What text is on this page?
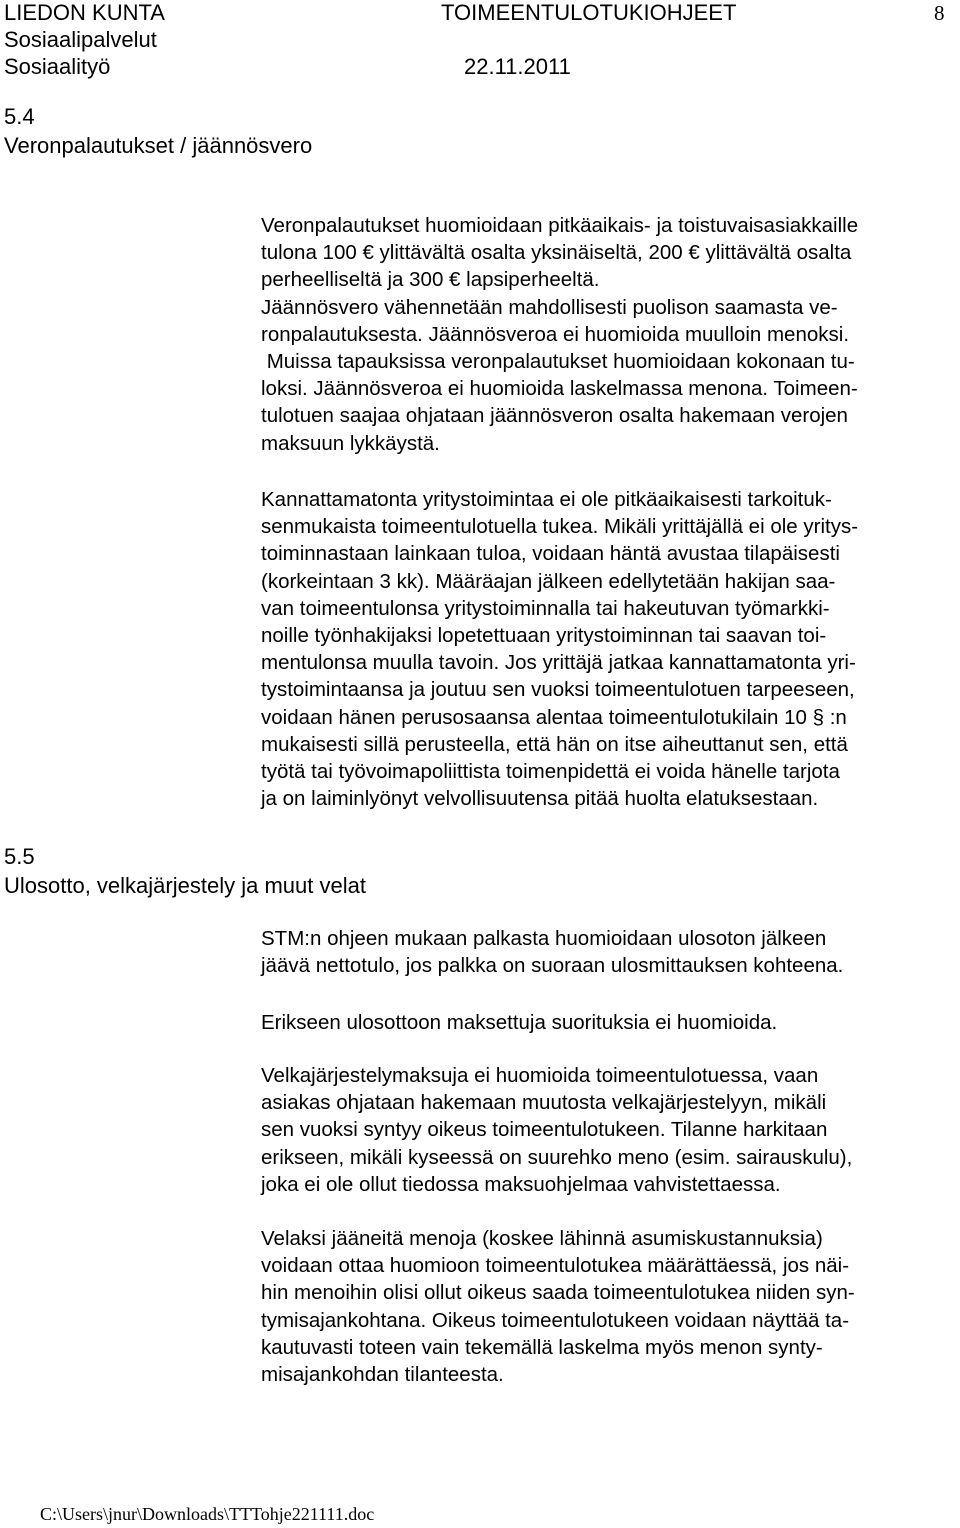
LIEDON KUNTA	TOIMEENTULOTUKIOHJEET	8
Sosiaalipalvelut
Sosiaalityö	22.11.2011
5.4
Veronpalautukset / jäännösvero
5.5
Ulosotto, velkajärjestely ja muut velat
Veronpalautukset huomioidaan pitkäaikais- ja toistuvaisasiakkaille
tulona 100 € ylittävältä osalta yksinäiseltä, 200 € ylittävältä osalta
perheelliseltä ja 300 € lapsiperheeltä.
Jäännösvero vähennetään mahdollisesti puolison saamasta ve-
ronpalautuksesta. Jäännösveroa ei huomioida muulloin menoksi.
Muissa tapauksissa veronpalautukset huomioidaan kokonaan tu-
loksi. Jäännösveroa ei huomioida laskelmassa menona. Toimeen-
tulotuen saajaa ohjataan jäännösveron osalta hakemaan verojen
maksuun lykkäystä.
Kannattamatonta yritystoimintaa ei ole pitkäaikaisesti tarkoituk-
senmukaista toimeentulotuella tukea. Mikäli yrittäjällä ei ole yritys-
toiminnastaan lainkaan tuloa, voidaan häntä avustaa tilapäisesti
(korkeintaan 3 kk). Määräajan jälkeen edellytetään hakijan saa-
van toimeentulonsa yritystoiminnalla tai hakeutuvan työmarkki-
noille työnhakijaksi lopetettuaan yritystoiminnan tai saavan toi-
mentulonsa muulla tavoin. Jos yrittäjä jatkaa kannattamatonta yri-
tystoimintaansa ja joutuu sen vuoksi toimeentulotuen tarpeeseen,
voidaan hänen perusosaansa alentaa toimeentulotukilain 10 § :n
mukaisesti sillä perusteella, että hän on itse aiheuttanut sen, että
työtä tai työvoimapoliittista toimenpidettä ei voida hänelle tarjota
ja on laiminlyönyt velvollisuutensa pitää huolta elatuksestaan.
STM:n ohjeen mukaan palkasta huomioidaan ulosoton jälkeen
jäävä nettotulo, jos palkka on suoraan ulosmittauksen kohteena.
Erikseen ulosottoon maksettuja suorituksia ei huomioida.
Velkajärjestelymaksuja ei huomioida toimeentulotuessa, vaan
asiakas ohjataan hakemaan muutosta velkajärjestelyyn, mikäli
sen vuoksi syntyy oikeus toimeentulotukeen. Tilanne harkitaan
erikseen, mikäli kyseessä on suurehko meno (esim. sairauskulu),
joka ei ole ollut tiedossa maksuohjelmaa vahvistettaessa.
Velaksi jääneitä menoja (koskee lähinnä asumiskustannuksia)
voidaan ottaa huomioon toimeentulotukea määrättäessä, jos näi-
hin menoihin olisi ollut oikeus saada toimeentulotukea niiden syn-
tymisajankohtana. Oikeus toimeentulotukeen voidaan näyttää ta-
kautuvasti toteen vain tekemällä laskelma myös menon synty-
misajankohdan tilanteesta.
C:\Users\jnur\Downloads\TTTohje221111.doc
